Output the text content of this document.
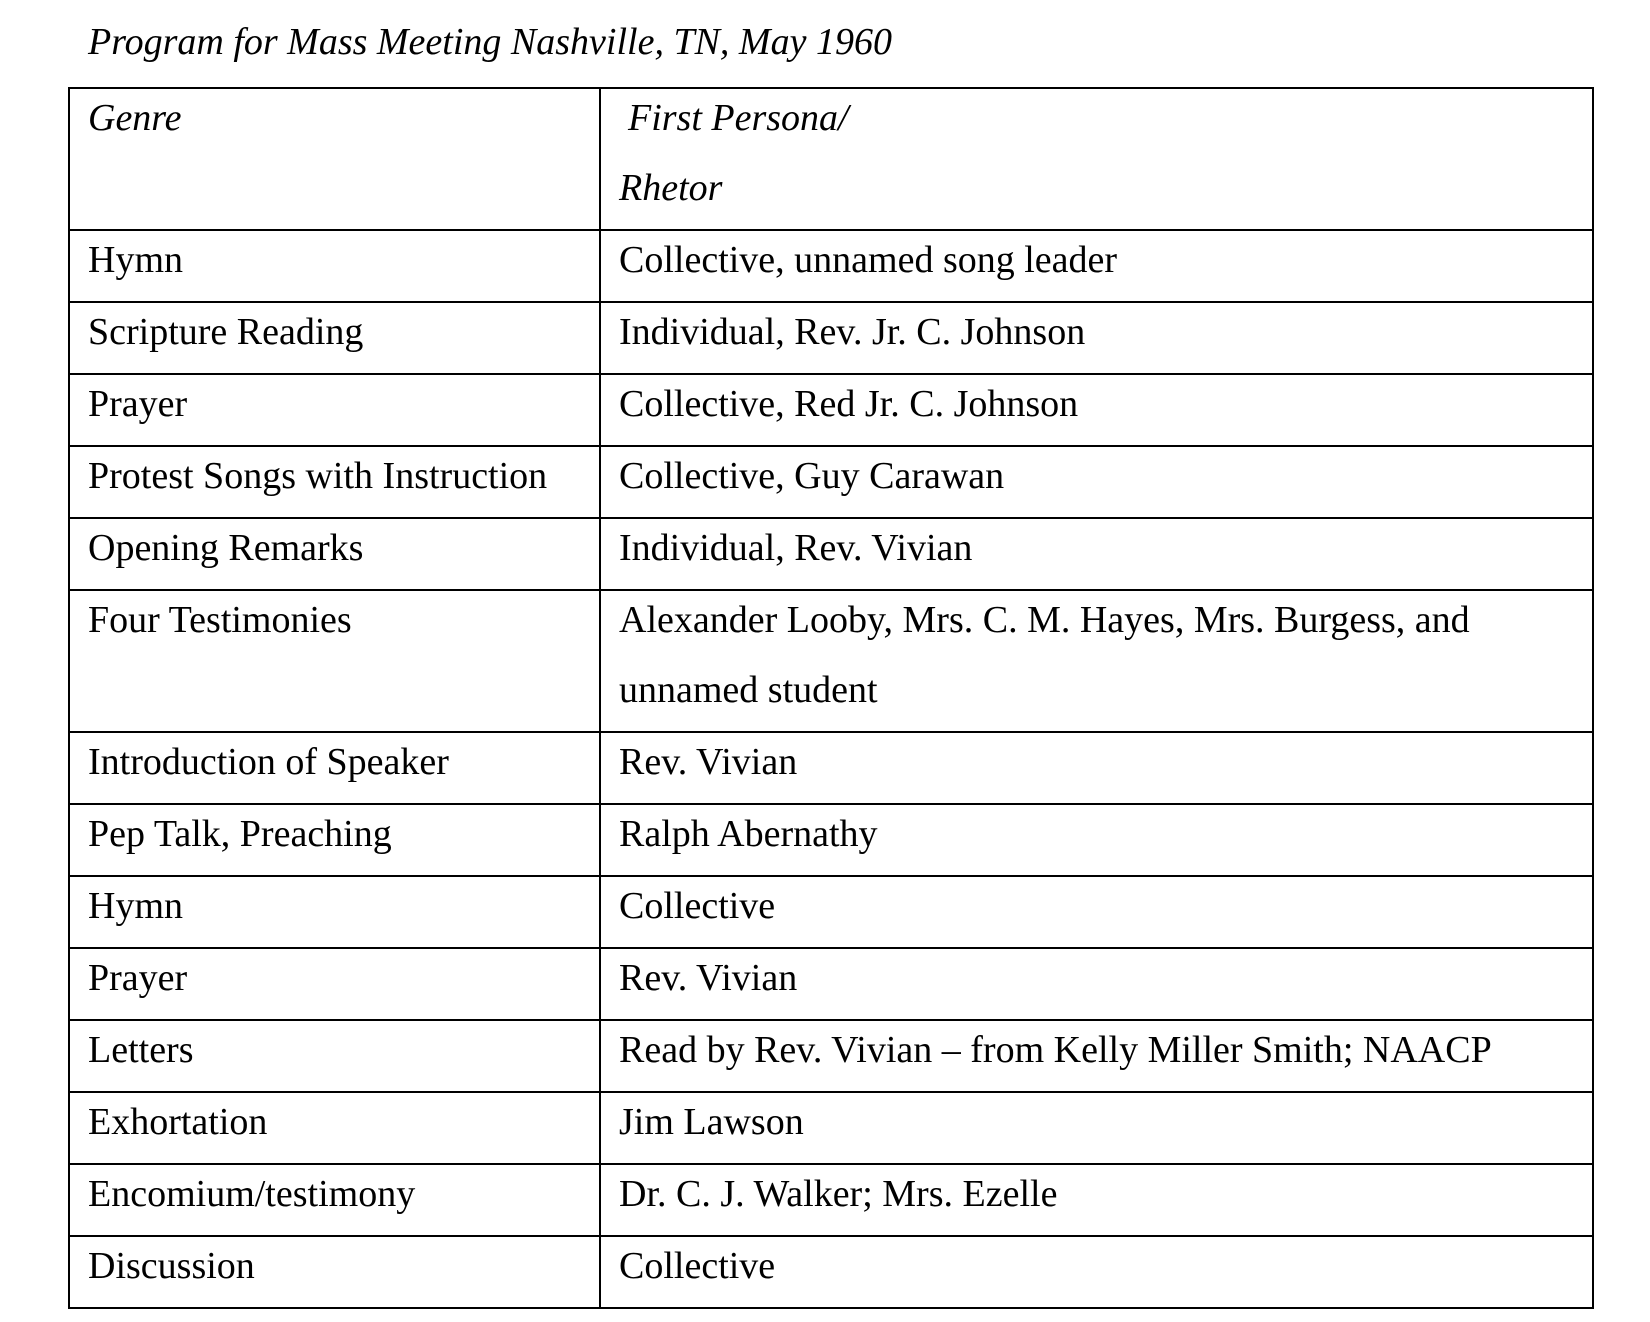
Program for Mass Meeting Nashville, TN, May 1960
Genre	First Persona/
Rhetor

Hymn	Collective, unnamed song leader

Scripture Reading	Individual, Rev. Jr. C. Johnson

Prayer	Collective, Red Jr. C. Johnson

Protest Songs with Instruction	Collective, Guy Carawan

Opening Remarks	Individual, Rev. Vivian

Four Testimonies	Alexander Looby, Mrs. C. M. Hayes, Mrs. Burgess, and unnamed student

Introduction of Speaker	Rev. Vivian

Pep Talk, Preaching	Ralph Abernathy

Hymn	Collective

Prayer	Rev. Vivian

Letters	Read by Rev. Vivian – from Kelly Miller Smith; NAACP

Exhortation	Jim Lawson

Encomium/testimony	Dr. C. J. Walker; Mrs. Ezelle

Discussion	Collective
